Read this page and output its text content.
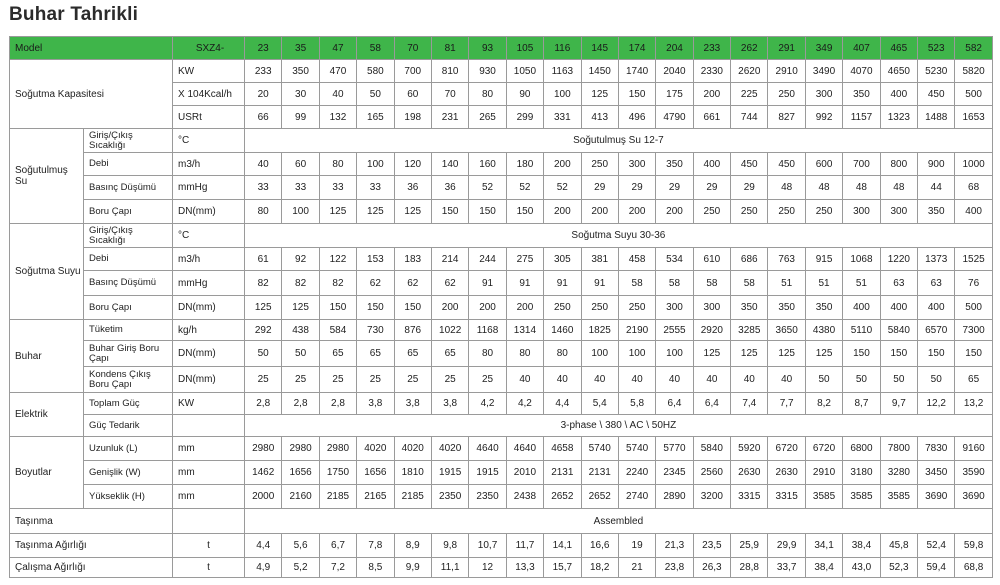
Buhar Tahrikli
Model		SXZ4-	23	35	47	58	70	81	93	105	116	145	174	204	233	262	291	349	407	465	523	582
Soğutma Kapasitesi		KW	233	350	470	580	700	810	930	1050	1163	1450	1740	2040	2330	2620	2910	3490	4070	4650	5230	5820
		X 104Kcal/h	20	30	40	50	60	70	80	90	100	125	150	175	200	225	250	300	350	400	450	500
		USRt	66	99	132	165	198	231	265	299	331	413	496	4790	661	744	827	992	1157	1323	1488	1653
Soğutulmuş Su	Giriş/Çıkış Sıcaklığı	°C	Soğutulmuş Su 12-7																			
	Debi	m3/h	40	60	80	100	120	140	160	180	200	250	300	350	400	450	450	600	700	800	900	1000
	Basınç Düşümü	mmHg	33	33	33	33	36	36	52	52	52	29	29	29	29	29	48	48	48	48	44	68
	Boru Çapı	DN(mm)	80	100	125	125	125	150	150	150	200	200	200	200	250	250	250	250	300	300	350	400
Soğutma Suyu	Giriş/Çıkış Sıcaklığı	°C	Soğutma Suyu 30-36																			
	Debi	m3/h	61	92	122	153	183	214	244	275	305	381	458	534	610	686	763	915	1068	1220	1373	1525
	Basınç Düşümü	mmHg	82	82	82	62	62	62	91	91	91	91	58	58	58	58	51	51	51	63	63	76
	Boru Çapı	DN(mm)	125	125	150	150	150	200	200	200	250	250	250	300	300	350	350	350	400	400	400	500
Buhar	Tüketim	kg/h	292	438	584	730	876	1022	1168	1314	1460	1825	2190	2555	2920	3285	3650	4380	5110	5840	6570	7300
	Buhar Giriş Boru Çapı	DN(mm)	50	50	65	65	65	65	80	80	80	100	100	100	125	125	125	125	150	150	150	150
	Kondens Çıkış Boru Çapı	DN(mm)	25	25	25	25	25	25	25	40	40	40	40	40	40	40	40	50	50	50	50	65
Elektrik	Toplam Güç	KW	2,8	2,8	2,8	3,8	3,8	3,8	4,2	4,2	4,4	5,4	5,8	6,4	6,4	7,4	7,7	8,2	8,7	9,7	12,2	13,2
	Güç Tedarik		3-phase \ 380 \ AC \ 50HZ																			
Boyutlar	Uzunluk (L)	mm	2980	2980	2980	4020	4020	4020	4640	4640	4658	5740	5740	5770	5840	5920	6720	6720	6800	7800	7830	9160
	Genişlik (W)	mm	1462	1656	1750	1656	1810	1915	1915	2010	2131	2131	2240	2345	2560	2630	2630	2910	3180	3280	3450	3590
	Yükseklik (H)	mm	2000	2160	2185	2165	2185	2350	2350	2438	2652	2652	2740	2890	3200	3315	3315	3585	3585	3585	3690	3690
Taşınma			Assembled																			
Taşınma Ağırlığı		t	4,4	5,6	6,7	7,8	8,9	9,8	10,7	11,7	14,1	16,6	19	21,3	23,5	25,9	29,9	34,1	38,4	45,8	52,4	59,8
Çalışma Ağırlığı		t	4,9	5,2	7,2	8,5	9,9	11,1	12	13,3	15,7	18,2	21	23,8	26,3	28,8	33,7	38,4	43,0	52,3	59,4	68,8
